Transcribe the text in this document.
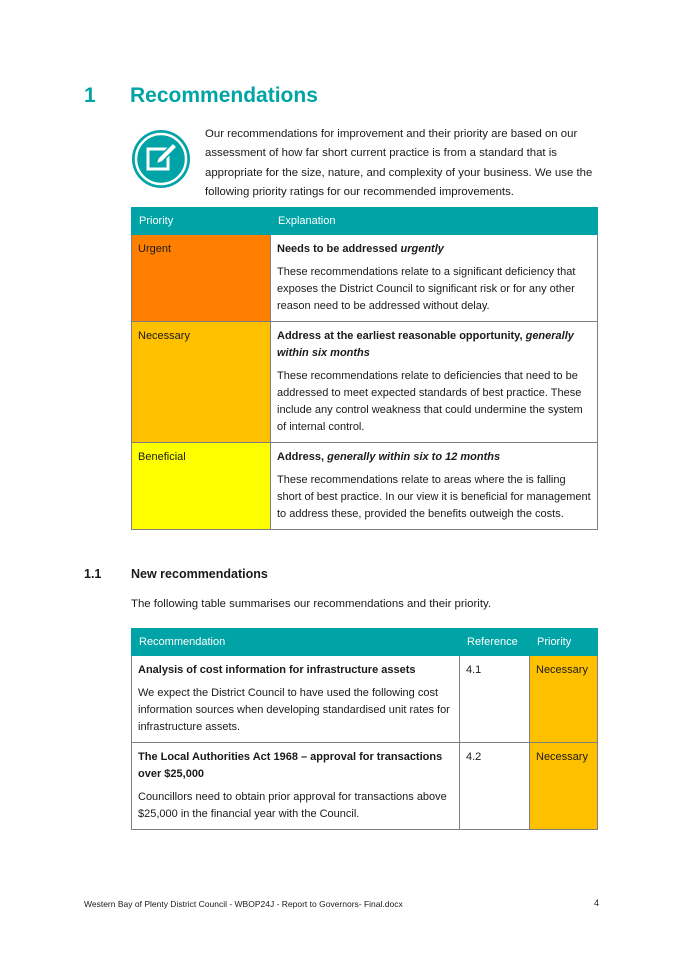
1 Recommendations
Our recommendations for improvement and their priority are based on our assessment of how far short current practice is from a standard that is appropriate for the size, nature, and complexity of your business. We use the following priority ratings for our recommended improvements.
Priority	Explanation
Urgent	Needs to be addressed urgently

These recommendations relate to a significant deficiency that exposes the District Council to significant risk or for any other reason need to be addressed without delay.

Necessary	Address at the earliest reasonable opportunity, generally within six months

These recommendations relate to deficiencies that need to be addressed to meet expected standards of best practice. These include any control weakness that could undermine the system of internal control.

Beneficial	Address, generally within six to 12 months

These recommendations relate to areas where the is falling short of best practice. In our view it is beneficial for management to address these, provided the benefits outweigh the costs.

1.1 New recommendations
The following table summarises our recommendations and their priority.
Recommendation	Reference	Priority

Analysis of cost information for infrastructure assets

We expect the District Council to have used the following cost information sources when developing standardised unit rates for infrastructure assets.	4.1	Necessary

The Local Authorities Act 1968 – approval for transactions over $25,000

Councillors need to obtain prior approval for transactions above $25,000 in the financial year with the Council.	4.2	Necessary
Western Bay of Plenty District Council - WBOP24J - Report to Governors- Final.docx	4
